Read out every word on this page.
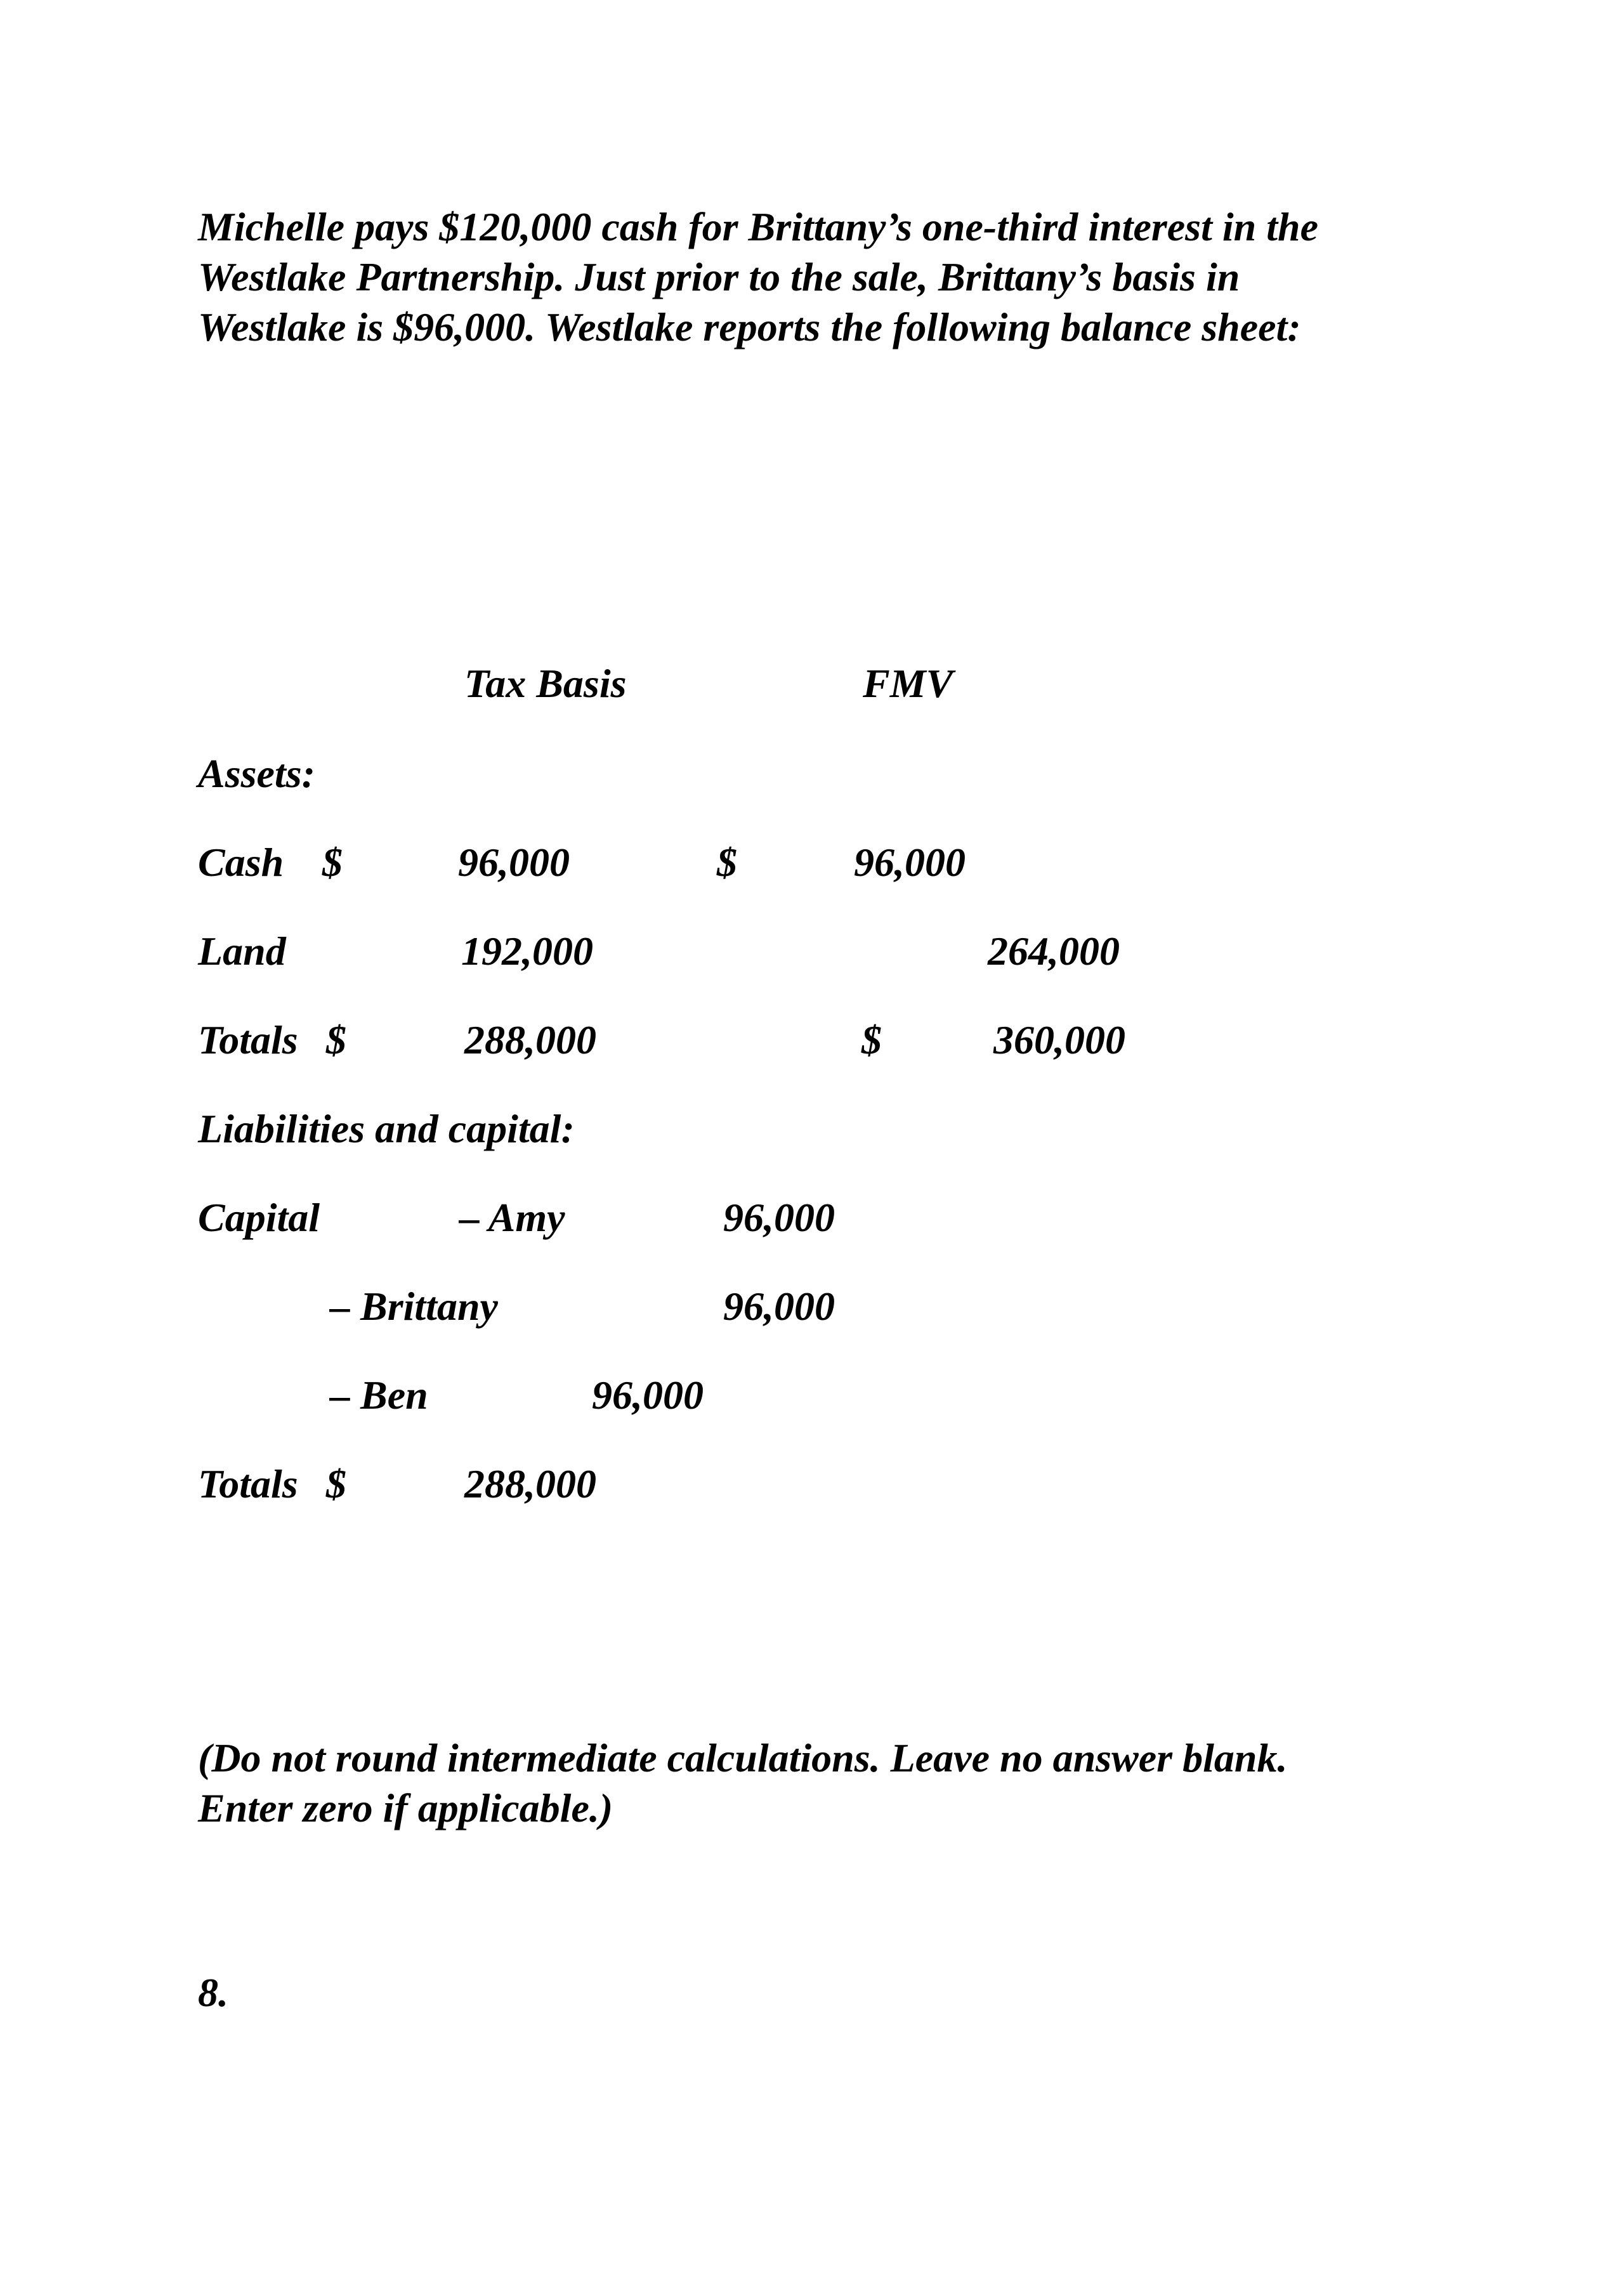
Michelle pays $120,000 cash for Brittany’s one-third interest in the
Westlake Partnership. Just prior to the sale, Brittany’s basis in
Westlake is $96,000. Westlake reports the following balance sheet:
Tax Basis	FMV
Assets:
Cash $	96,000	$	96,000
Land	192,000	264,000
Totals $	288,000	$	360,000
Liabilities and capital:
Capital	– Amy	96,000
– Brittany	96,000
– Ben	96,000
Totals $	288,000
(Do not round intermediate calculations. Leave no answer blank.
Enter zero if applicable.)
8.
